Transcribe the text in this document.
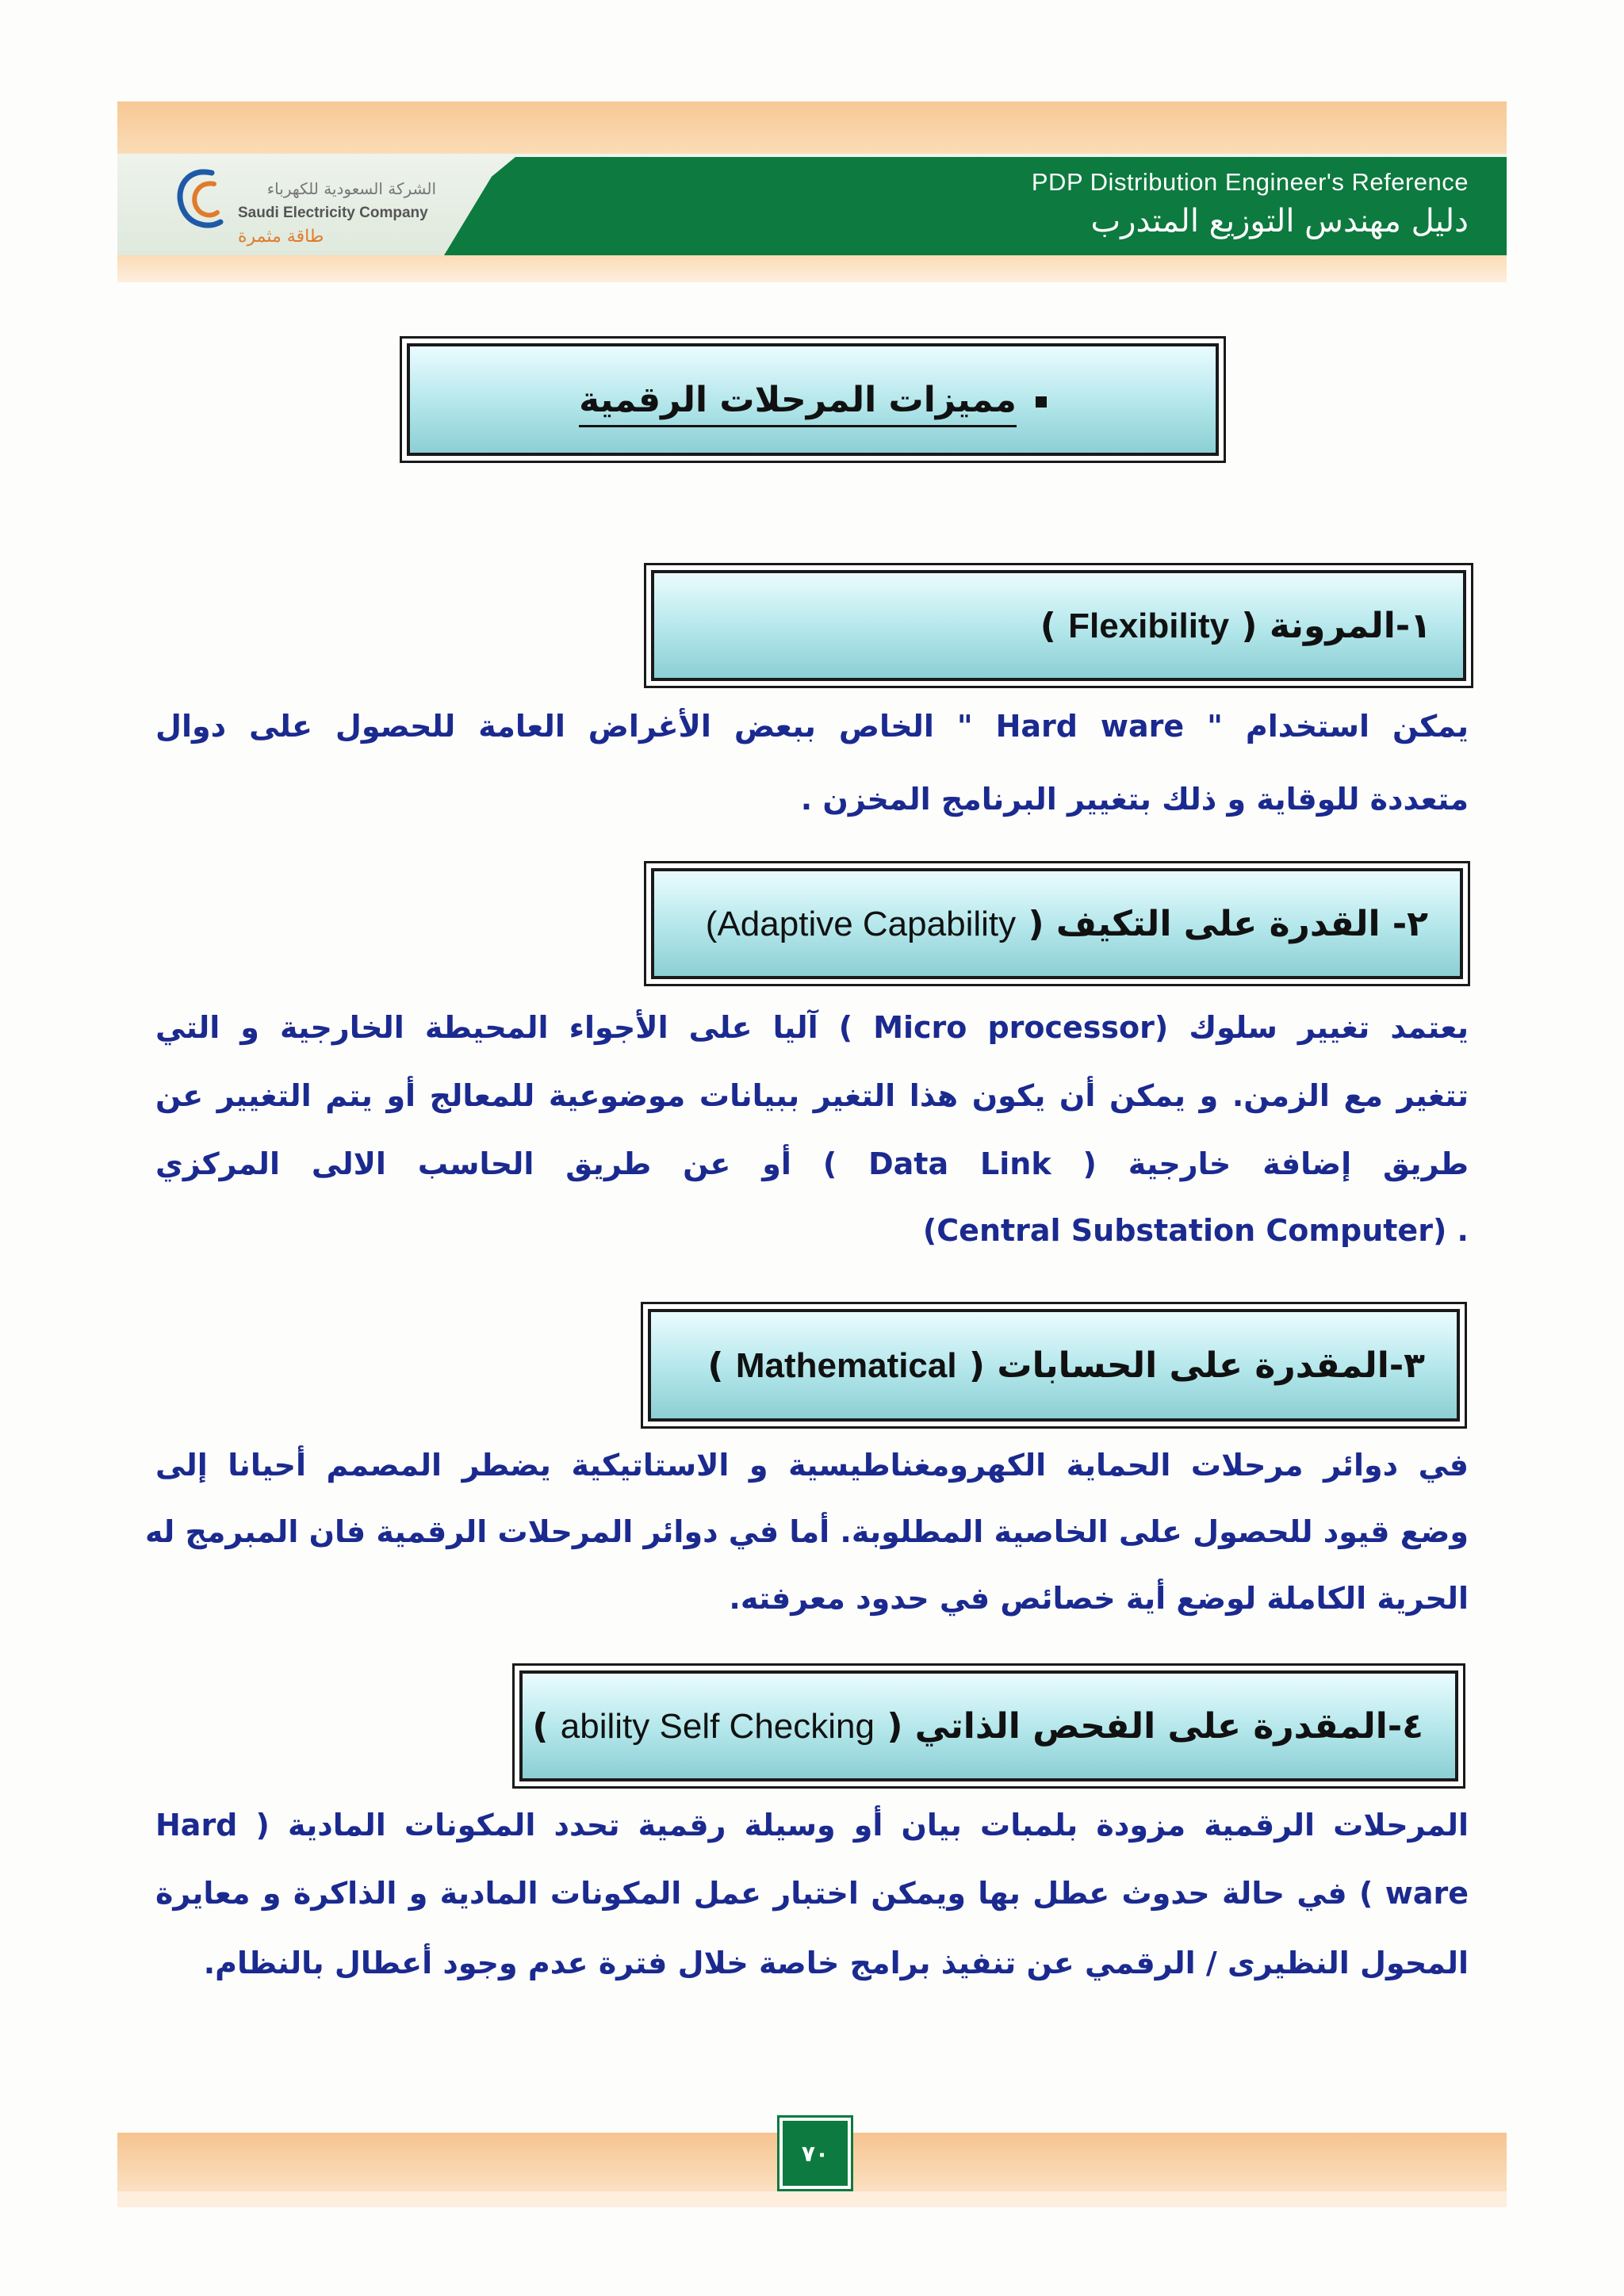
PDP Distribution Engineer's Reference
دليل مهندس التوزيع المتدرب
الشركة السعودية للكهرباء
Saudi Electricity Company
طاقة مثمرة
مميزات المرحلات الرقمية
١-المرونة ( Flexibility )
يمكن استخدام " Hard ware " الخاص ببعض الأغراض العامة للحصول على دوال
متعددة للوقاية و ذلك بتغيير البرنامج المخزن .
٢- القدرة على التكيف ( Adaptive Capability)
يعتمد تغيير سلوك (Micro processor ) آليا على الأجواء المحيطة الخارجية و التي
تتغير مع الزمن. و يمكن أن يكون هذا التغير ببيانات موضوعية للمعالج أو يتم التغيير عن
طريق إضافة خارجية ( Data Link ) أو عن طريق الحاسب الالى المركزي
. (Central Substation Computer)
٣-المقدرة على الحسابات ( Mathematical )
في دوائر مرحلات الحماية الكهرومغناطيسية و الاستاتيكية يضطر المصمم أحيانا إلى
وضع قيود للحصول على الخاصية المطلوبة. أما في دوائر المرحلات الرقمية فان المبرمج له
الحرية الكاملة لوضع أية خصائص في حدود معرفته.
٤-المقدرة على الفحص الذاتي ( ability Self Checking )
المرحلات الرقمية مزودة بلمبات بيان أو وسيلة رقمية تحدد المكونات المادية ( Hard
ware ) في حالة حدوث عطل بها ويمكن اختبار عمل المكونات المادية و الذاكرة و معايرة
المحول النظيرى / الرقمي عن تنفيذ برامج خاصة خلال فترة عدم وجود أعطال بالنظام.
٧٠
